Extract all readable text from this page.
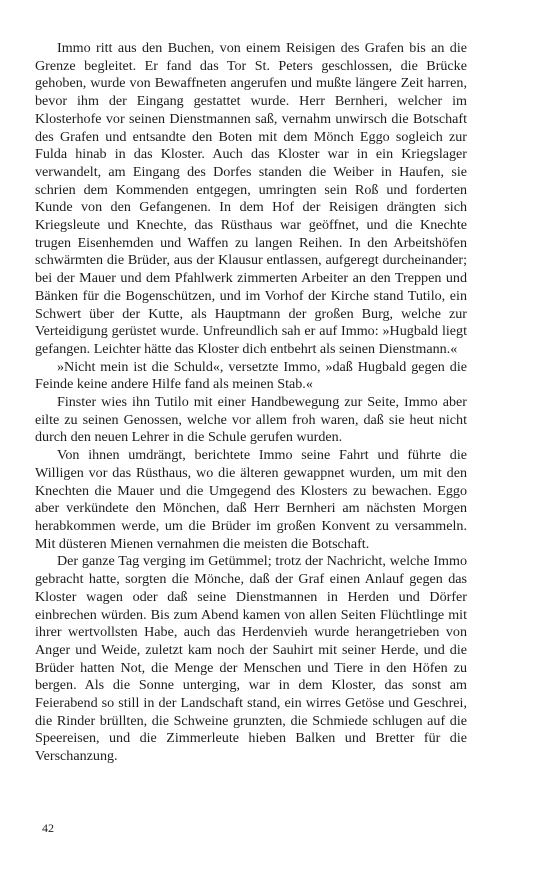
Immo ritt aus den Buchen, von einem Reisigen des Grafen bis an die Grenze begleitet. Er fand das Tor St. Peters geschlossen, die Brücke gehoben, wurde von Bewaffneten angerufen und mußte längere Zeit harren, bevor ihm der Eingang gestattet wurde. Herr Bernheri, welcher im Klosterhofe vor seinen Dienstmannen saß, vernahm unwirsch die Botschaft des Grafen und entsandte den Boten mit dem Mönch Eggo sogleich zur Fulda hinab in das Kloster. Auch das Kloster war in ein Kriegslager verwandelt, am Eingang des Dorfes standen die Weiber in Haufen, sie schrien dem Kommenden entgegen, umringten sein Roß und forderten Kunde von den Gefangenen. In dem Hof der Reisigen drängten sich Kriegsleute und Knechte, das Rüsthaus war geöffnet, und die Knechte trugen Eisenhemden und Waffen zu langen Reihen. In den Arbeitshöfen schwärmten die Brüder, aus der Klausur entlassen, aufgeregt durcheinander; bei der Mauer und dem Pfahlwerk zimmerten Arbeiter an den Treppen und Bänken für die Bogenschützen, und im Vorhof der Kirche stand Tutilo, ein Schwert über der Kutte, als Hauptmann der großen Burg, welche zur Verteidigung gerüstet wurde. Unfreundlich sah er auf Immo: »Hugbald liegt gefangen. Leichter hätte das Kloster dich entbehrt als seinen Dienstmann.«

»Nicht mein ist die Schuld«, versetzte Immo, »daß Hugbald gegen die Feinde keine andere Hilfe fand als meinen Stab.«

Finster wies ihn Tutilo mit einer Handbewegung zur Seite, Immo aber eilte zu seinen Genossen, welche vor allem froh waren, daß sie heut nicht durch den neuen Lehrer in die Schule gerufen wurden.

Von ihnen umdrängt, berichtete Immo seine Fahrt und führte die Willigen vor das Rüsthaus, wo die älteren gewappnet wurden, um mit den Knechten die Mauer und die Umgegend des Klosters zu bewachen. Eggo aber verkündete den Mönchen, daß Herr Bernheri am nächsten Morgen herabkommen werde, um die Brüder im großen Konvent zu versammeln. Mit düsteren Mienen vernahmen die meisten die Botschaft.

Der ganze Tag verging im Getümmel; trotz der Nachricht, welche Immo gebracht hatte, sorgten die Mönche, daß der Graf einen Anlauf gegen das Kloster wagen oder daß seine Dienstmannen in Herden und Dörfer einbrechen würden. Bis zum Abend kamen von allen Seiten Flüchtlinge mit ihrer wertvollsten Habe, auch das Herdenvieh wurde herangetrieben von Anger und Weide, zuletzt kam noch der Sauhirt mit seiner Herde, und die Brüder hatten Not, die Menge der Menschen und Tiere in den Höfen zu bergen. Als die Sonne unterging, war in dem Kloster, das sonst am Feierabend so still in der Landschaft stand, ein wirres Getöse und Geschrei, die Rinder brüllten, die Schweine grunzten, die Schmiede schlugen auf die Speereisen, und die Zimmerleute hieben Balken und Bretter für die Verschanzung.

42
